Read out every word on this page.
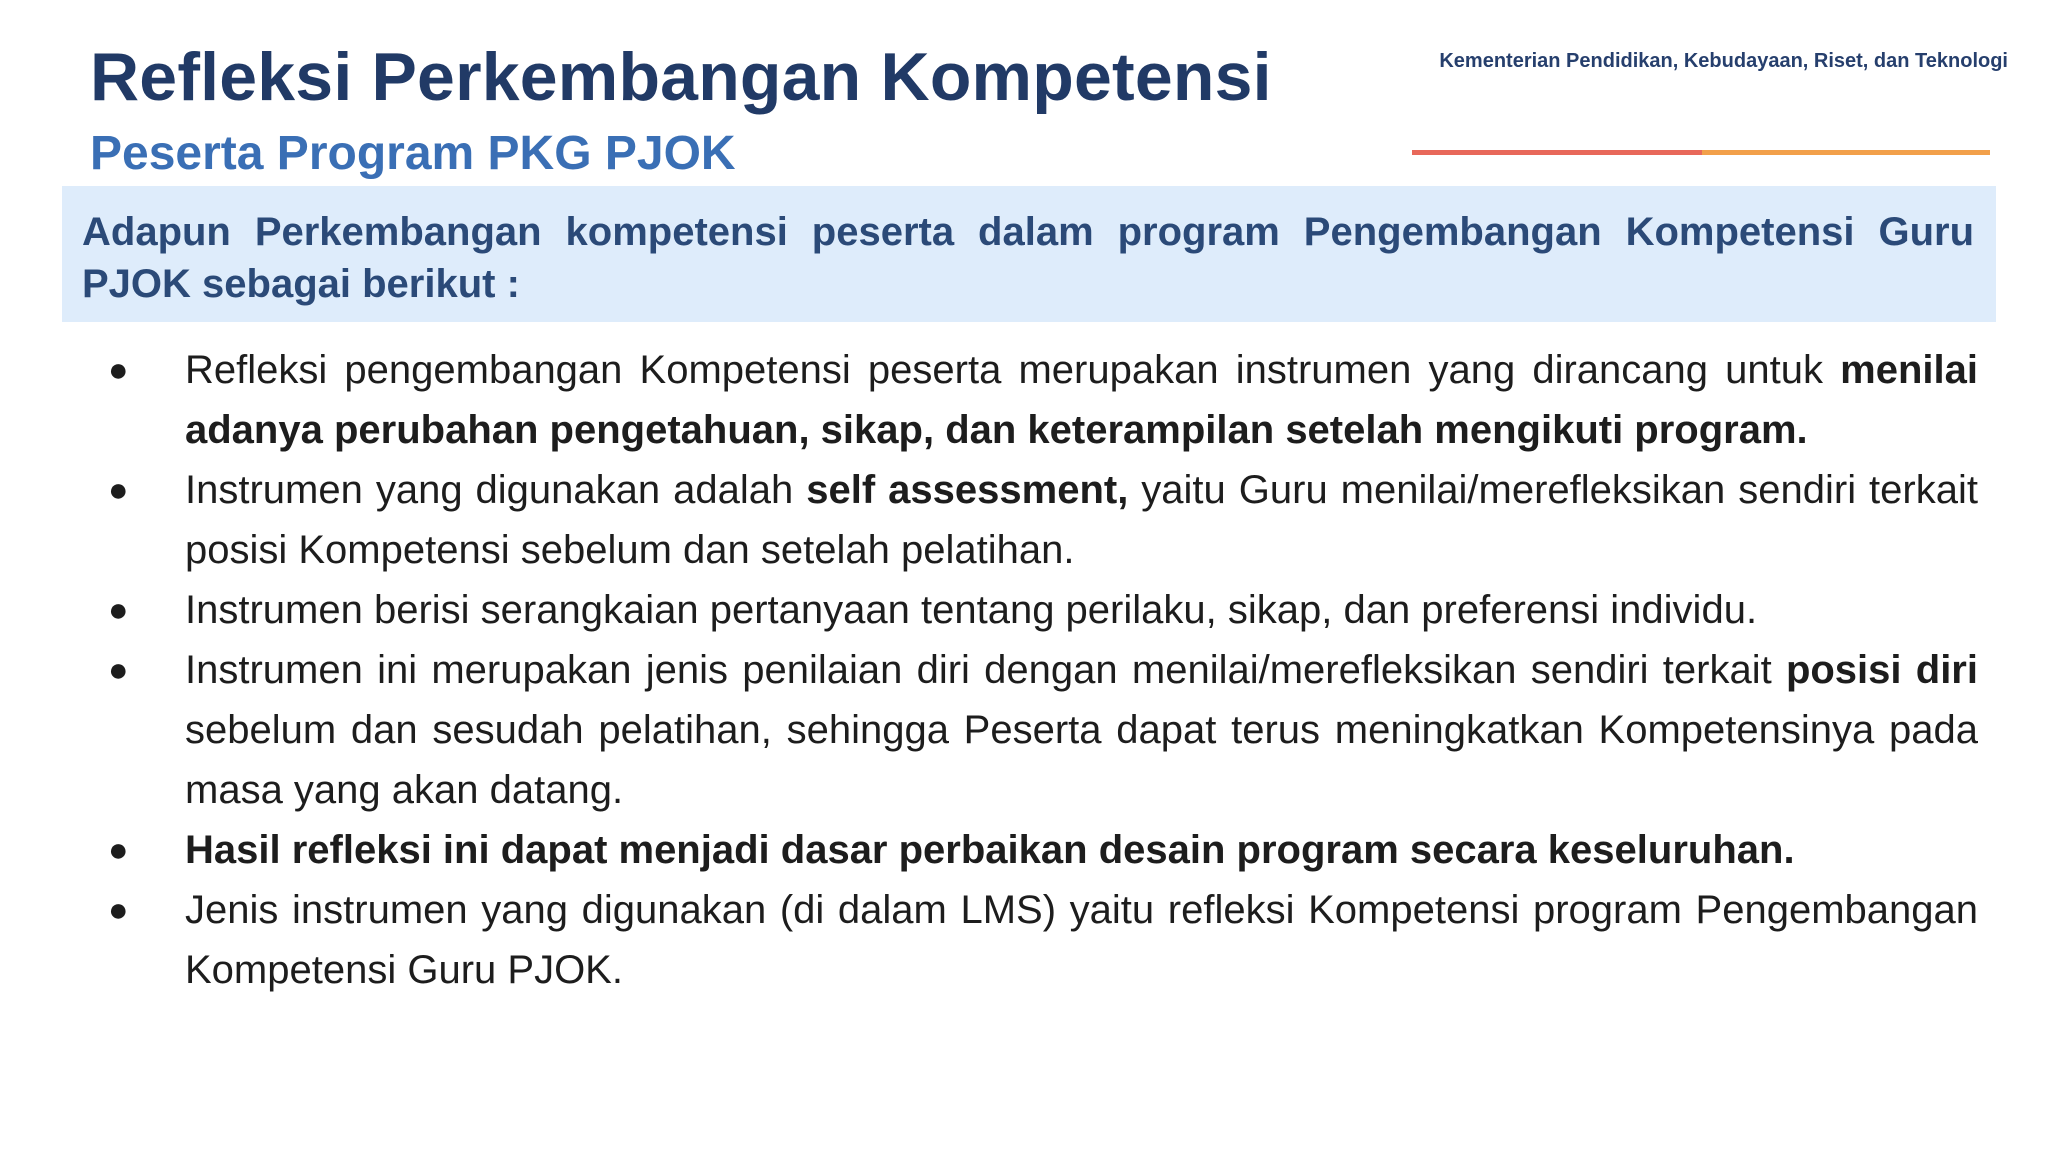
Refleksi Perkembangan Kompetensi
Peserta Program PKG PJOK
Kementerian Pendidikan, Kebudayaan, Riset, dan Teknologi

Adapun Perkembangan kompetensi peserta dalam program Pengembangan Kompetensi Guru PJOK sebagai berikut :

● Refleksi pengembangan Kompetensi peserta merupakan instrumen yang dirancang untuk menilai adanya perubahan pengetahuan, sikap, dan keterampilan setelah mengikuti program.
● Instrumen yang digunakan adalah self assessment, yaitu Guru menilai/merefleksikan sendiri terkait posisi Kompetensi sebelum dan setelah pelatihan.
● Instrumen berisi serangkaian pertanyaan tentang perilaku, sikap, dan preferensi individu.
● Instrumen ini merupakan jenis penilaian diri dengan menilai/merefleksikan sendiri terkait posisi diri sebelum dan sesudah pelatihan, sehingga Peserta dapat terus meningkatkan Kompetensinya pada masa yang akan datang.
● Hasil refleksi ini dapat menjadi dasar perbaikan desain program secara keseluruhan.
● Jenis instrumen yang digunakan (di dalam LMS) yaitu refleksi Kompetensi program Pengembangan Kompetensi Guru PJOK.
